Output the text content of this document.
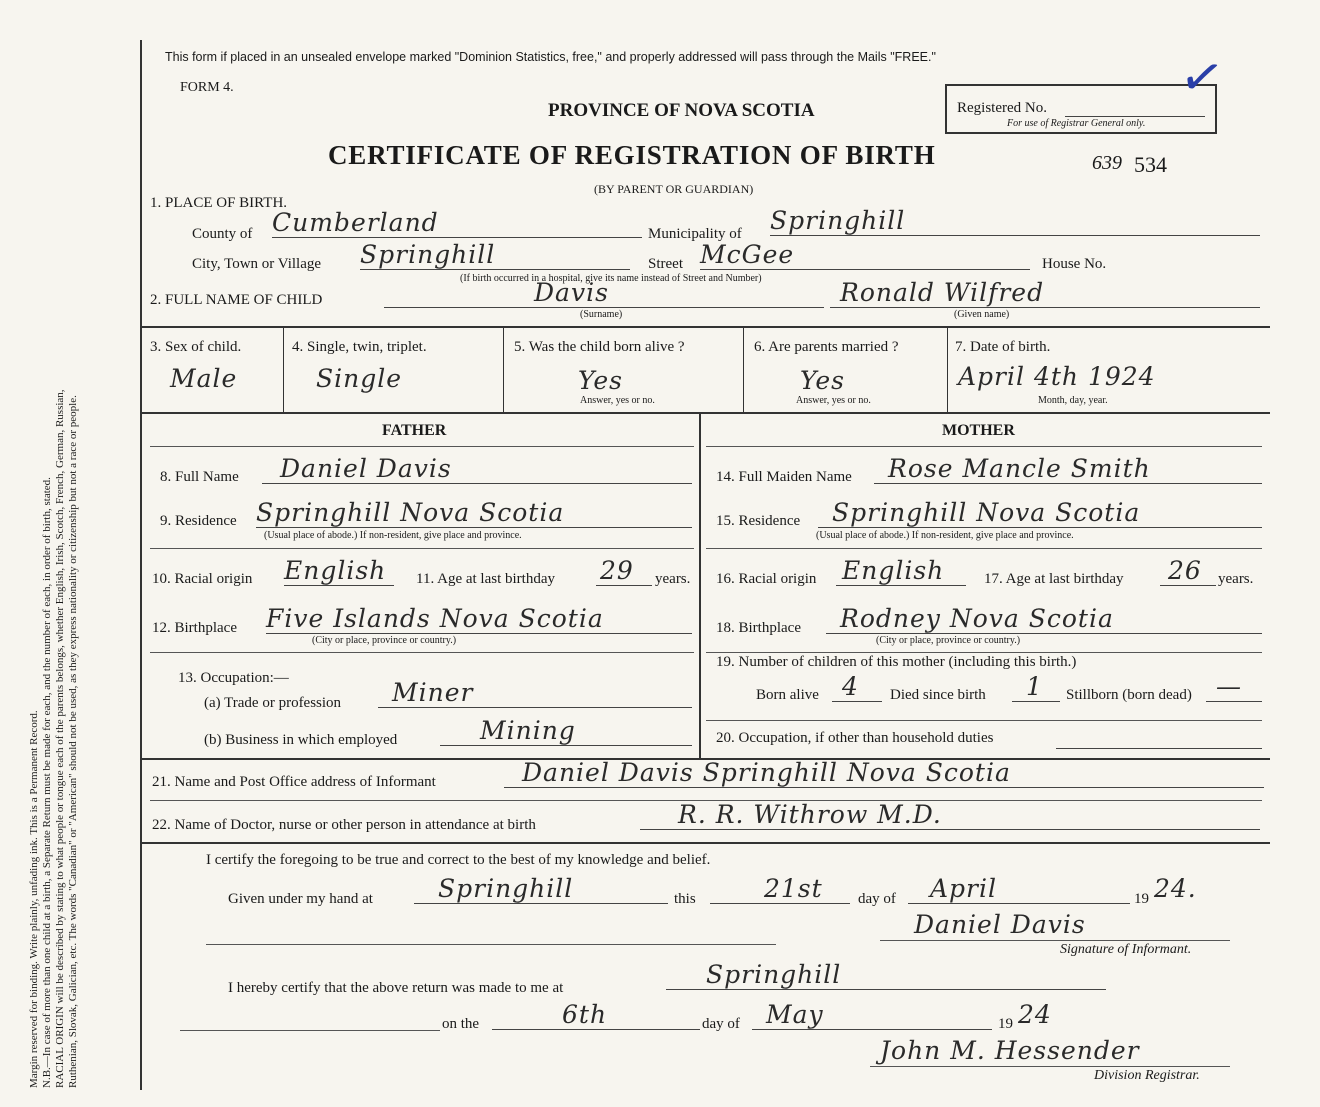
Margin reserved for binding. Write plainly, unfading ink. This is a Permanent Record. N.B.—In case of more than one child at a birth, a Separate Return must be made for each, and the number of each, in order of birth, stated. RACIAL ORIGIN will be described by stating to what people or tongue each of the parents belongs, whether English, Irish, Scotch, French, German, Russian, Ruthenian, Slovak, Galician, etc. The words "Canadian" or "American" should not be used, as they express nationality or citizenship but not a race or people.
This form if placed in an unsealed envelope marked "Dominion Statistics, free," and properly addressed will pass through the Mails "FREE."
FORM 4.
PROVINCE OF NOVA SCOTIA	Registered No.
For use of Registrar General only.
✓
CERTIFICATE OF REGISTRATION OF BIRTH	639 534
(BY PARENT OR GUARDIAN)
1. PLACE OF BIRTH.
County of Cumberland	Municipality of Springhill
City, Town or Village Springhill	Street McGee	House No.
(If birth occurred in a hospital, give its name instead of Street and Number)
2. FULL NAME OF CHILD	Davis
(Surname)
Ronald Wilfred
(Given name)
3. Sex of child.
Male
4. Single, twin, triplet.
Single
5. Was the child born alive ?
Yes
Answer, yes or no.
6. Are parents married ?
Yes
Answer, yes or no.
7. Date of birth.
April 4th 1924
Month, day, year.
FATHER
8. Full Name	Daniel Davis
9. Residence Springhill Nova Scotia
(Usual place of abode.) If non-resident, give place and province.
10. Racial origin English	11. Age at last birthday 29	years.
12. Birthplace Five Islands Nova Scotia
(City or place, province or country.)
13. Occupation:—
(a) Trade or profession	Miner
(b) Business in which employed	Mining
MOTHER
14. Full Maiden Name	Rose Mancle Smith
15. Residence	Springhill Nova Scotia
(Usual place of abode.) If non-resident, give place and province.
16. Racial origin English	17. Age at last birthday	26	years.
18. Birthplace	Rodney Nova Scotia
(City or place, province or country.)
19. Number of children of this mother (including this birth.)
Born alive 4	Died since birth	1	Stillborn (born dead) —
20. Occupation, if other than household duties
21. Name and Post Office address of Informant	Daniel Davis Springhill Nova Scotia
22. Name of Doctor, nurse or other person in attendance at birth	R. R. Withrow M.D.
I certify the foregoing to be true and correct to the best of my knowledge and belief.
Given under my hand at	Springhill	this	21st	day of	April	19 24.
Daniel Davis
Signature of Informant.
I hereby certify that the above return was made to me at	Springhill
on the	6th	day of	May	19 24
John M. Hessender
Division Registrar.
